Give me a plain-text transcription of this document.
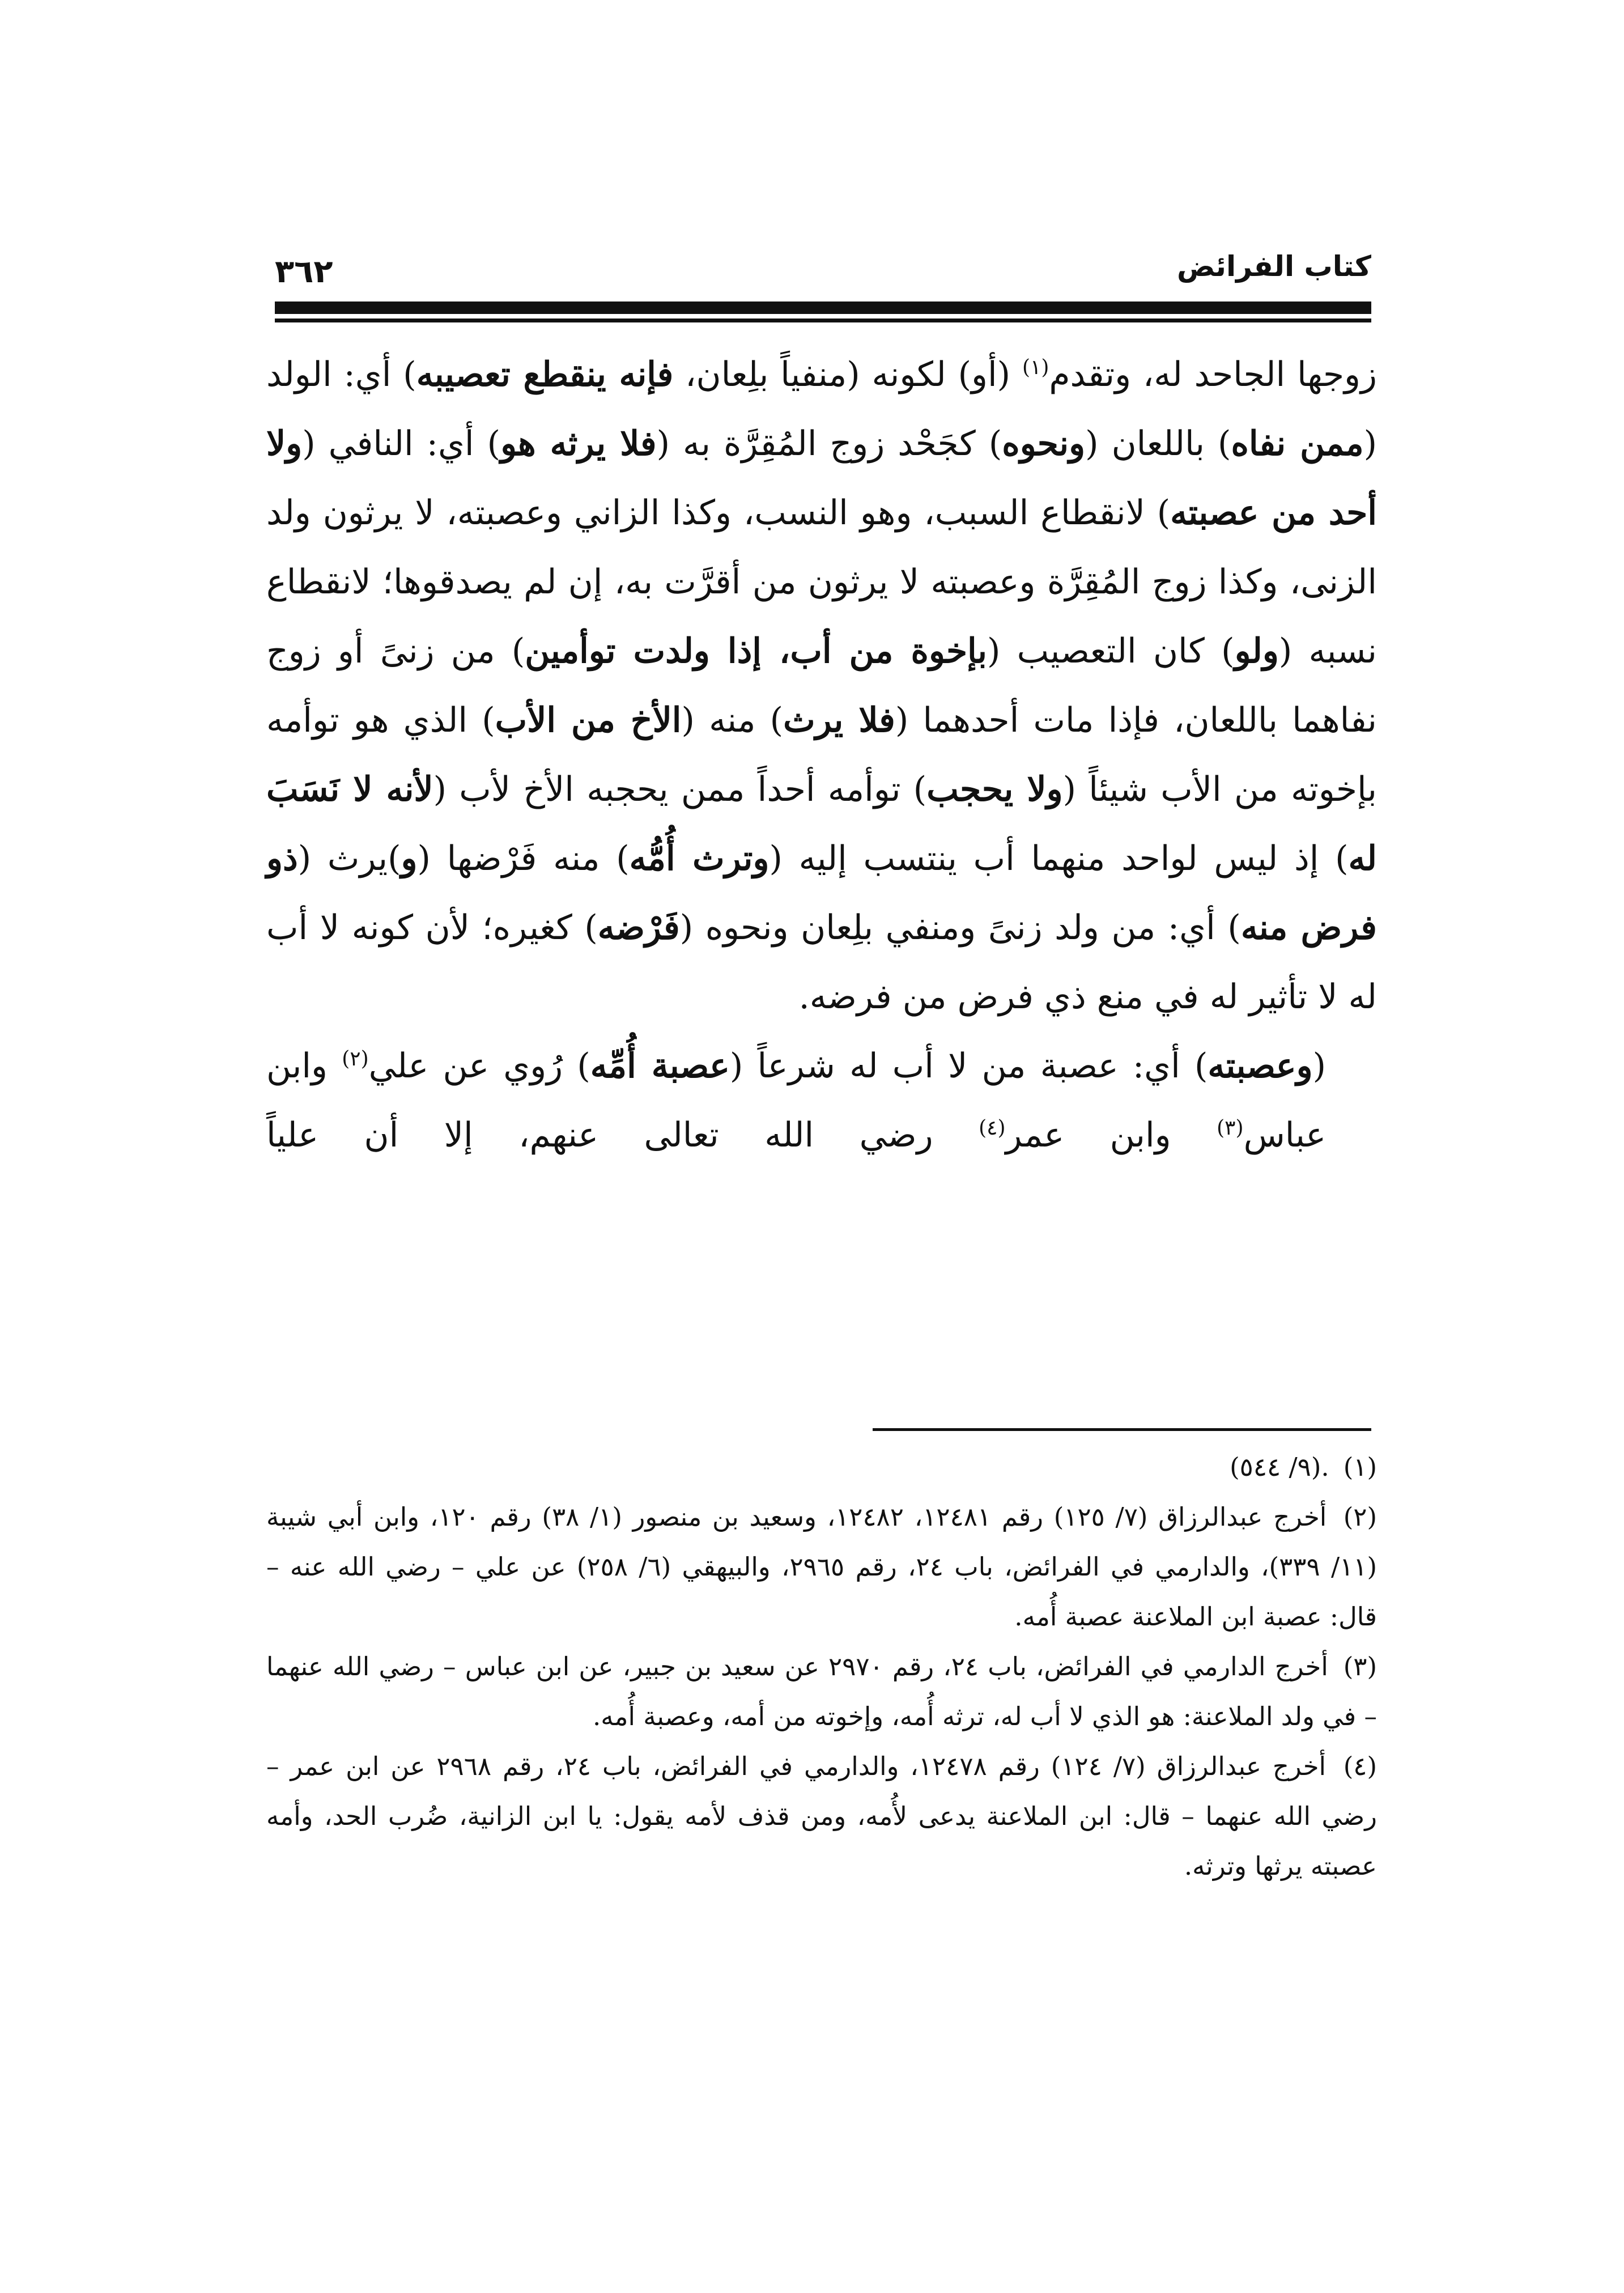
كتاب الفرائض
٣٦٢

زوجها الجاحد له، وتقدم$^{(١)}$ (أو) لكونه (منفياً بلِعان، فإنه ينقطع تعصيبه) أي: الولد (ممن نفاه) باللعان (ونحوه) كجَحْد زوج المُقِرَّة به (فلا يرثه هو) أي: النافي (ولا أحد من عصبته) لانقطاع السبب، وهو النسب، وكذا الزاني وعصبته، لا يرثون ولد الزنى، وكذا زوج المُقِرَّة وعصبته لا يرثون من أقرَّت به، إن لم يصدقوها؛ لانقطاع نسبه (ولو) كان التعصيب (بإخوة من أب، إذا ولدت توأمين) من زنىً أو زوج نفاهما باللعان، فإذا مات أحدهما (فلا يرث) منه (الأخ من الأب) الذي هو توأمه بإخوته من الأب شيئاً (ولا يحجب) توأمه أحداً ممن يحجبه الأخ لأب (لأنه لا نَسَبَ له) إذ ليس لواحد منهما أب ينتسب إليه (وترث أُمُّه) منه فَرْضها (و)يرث (ذو فرض منه) أي: من ولد زنىً ومنفي بلِعان ونحوه (فَرْضه) كغيره؛ لأن كونه لا أب له لا تأثير له في منع ذي فرض من فرضه.

(وعصبته) أي: عصبة من لا أب له شرعاً (عصبة أُمِّه) رُوي عن علي$^{(٢)}$ وابن عباس$^{(٣)}$ وابن عمر$^{(٤)}$ رضي الله تعالى عنهم، إلا أن علياً

(١) .(٩/ ٥٤٤)

(٢) أخرج عبدالرزاق (٧/ ١٢٥) رقم ١٢٤٨١، ١٢٤٨٢، وسعيد بن منصور (١/ ٣٨) رقم ١٢٠، وابن أبي شيبة (١١/ ٣٣٩)، والدارمي في الفرائض، باب ٢٤، رقم ٢٩٦٥، والبيهقي (٦/ ٢٥٨) عن علي – رضي الله عنه – قال: عصبة ابن الملاعنة عصبة أُمه.

(٣) أخرج الدارمي في الفرائض، باب ٢٤، رقم ٢٩٧٠ عن سعيد بن جبير، عن ابن عباس – رضي الله عنهما – في ولد الملاعنة: هو الذي لا أب له، ترثه أُمه، وإخوته من أمه، وعصبة أُمه.

(٤) أخرج عبدالرزاق (٧/ ١٢٤) رقم ١٢٤٧٨، والدارمي في الفرائض، باب ٢٤، رقم ٢٩٦٨ عن ابن عمر – رضي الله عنهما – قال: ابن الملاعنة يدعى لأُمه، ومن قذف لأمه يقول: يا ابن الزانية، ضُرب الحد، وأمه عصبته يرثها وترثه.
